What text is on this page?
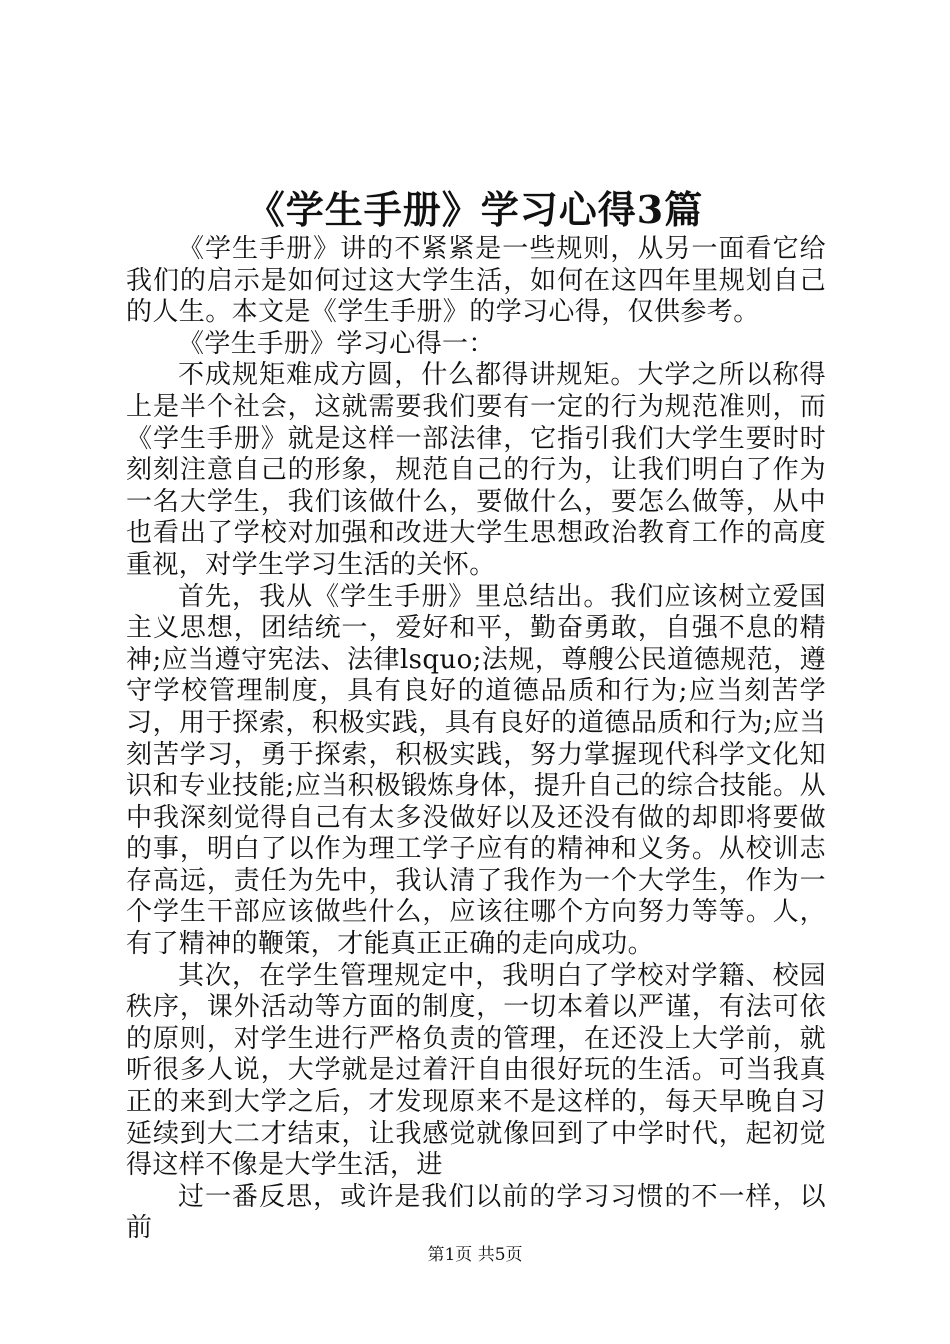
《学生手册》学习心得3篇

《学生手册》讲的不紧紧是一些规则，从另一面看它给我们的启示是如何过这大学生活，如何在这四年里规划自己的人生。本文是《学生手册》的学习心得，仅供参考。

《学生手册》学习心得一：

不成规矩难成方圆，什么都得讲规矩。大学之所以称得上是半个社会，这就需要我们要有一定的行为规范准则，而《学生手册》就是这样一部法律，它指引我们大学生要时时刻刻注意自己的形象，规范自己的行为，让我们明白了作为一名大学生，我们该做什么，要做什么，要怎么做等，从中也看出了学校对加强和改进大学生思想政治教育工作的高度重视，对学生学习生活的关怀。

首先，我从《学生手册》里总结出。我们应该树立爱国主义思想，团结统一，爱好和平，勤奋勇敢，自强不息的精神;应当遵守宪法、法律lsquo;法规，尊艘公民道德规范，遵守学校管理制度，具有良好的道德品质和行为;应当刻苦学习，用于探索，积极实践，具有良好的道德品质和行为;应当刻苦学习，勇于探索，积极实践，努力掌握现代科学文化知识和专业技能;应当积极锻炼身体，提升自己的综合技能。从中我深刻觉得自己有太多没做好以及还没有做的却即将要做的事，明白了以作为理工学子应有的精神和义务。从校训志存高远，责任为先中，我认清了我作为一个大学生，作为一个学生干部应该做些什么，应该往哪个方向努力等等。人，有了精神的鞭策，才能真正正确的走向成功。

其次，在学生管理规定中，我明白了学校对学籍、校园秩序，课外活动等方面的制度，一切本着以严谨，有法可依的原则，对学生进行严格负责的管理，在还没上大学前，就听很多人说，大学就是过着汗自由很好玩的生活。可当我真正的来到大学之后，才发现原来不是这样的，每天早晚自习延续到大二才结束，让我感觉就像回到了中学时代，起初觉得这样不像是大学生活，进

过一番反思，或许是我们以前的学习习惯的不一样，以前

第1页 共5页
